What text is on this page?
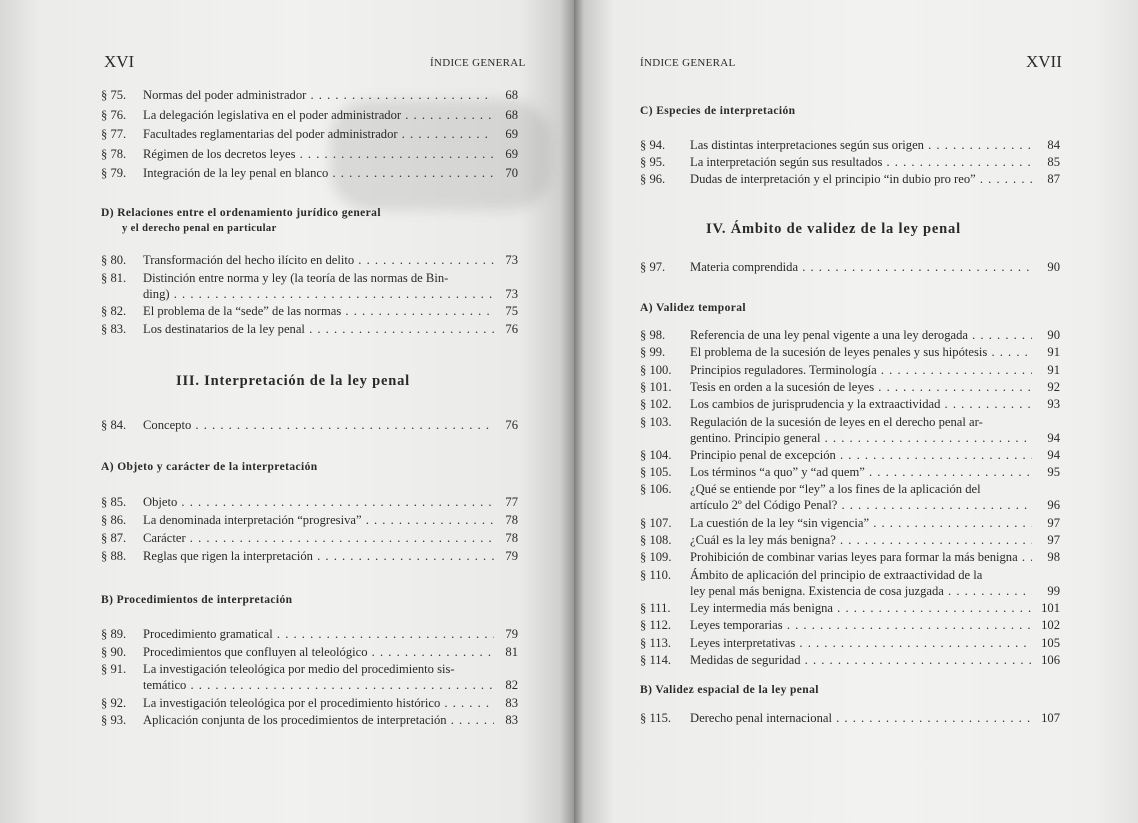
XVI	ÍNDICE GENERAL
§ 75. Normas del poder administrador . . .	68
§ 76. La delegación legislativa en el poder administrador . . .	68
§ 77. Facultades reglamentarias del poder administrador . . .	69
§ 78. Régimen de los decretos leyes . . .	69
§ 79. Integración de la ley penal en blanco . . .	70
D) Relaciones entre el ordenamiento jurídico general
y el derecho penal en particular
§ 80. Transformación del hecho ilícito en delito . . .	73
§ 81. Distinción entre norma y ley (la teoría de las normas de Bin-
ding) . . .	73
§ 82. El problema de la “sede” de las normas . . .	75
§ 83. Los destinatarios de la ley penal . . .	76
III. Interpretación de la ley penal
§ 84. Concepto . . .	76
A) Objeto y carácter de la interpretación
§ 85. Objeto . . .	77
§ 86. La denominada interpretación “progresiva” . . .	78
§ 87. Carácter . . .	78
§ 88. Reglas que rigen la interpretación . . .	79
B) Procedimientos de interpretación
§ 89. Procedimiento gramatical . . .	79
§ 90. Procedimientos que confluyen al teleológico . . .	81
§ 91. La investigación teleológica por medio del procedimiento sis-
temático . . .	82
§ 92. La investigación teleológica por el procedimiento histórico . . .	83
§ 93. Aplicación conjunta de los procedimientos de interpretación . . .	83
ÍNDICE GENERAL	XVII
C) Especies de interpretación
§ 94. Las distintas interpretaciones según sus origen . . .	84
§ 95. La interpretación según sus resultados . . .	85
§ 96. Dudas de interpretación y el principio “in dubio pro reo” . . .	87
IV. Ámbito de validez de la ley penal
§ 97. Materia comprendida . . .	90
A) Validez temporal
§ 98. Referencia de una ley penal vigente a una ley derogada . . .	90
§ 99. El problema de la sucesión de leyes penales y sus hipótesis . . .	91
§ 100. Principios reguladores. Terminología . . .	91
§ 101. Tesis en orden a la sucesión de leyes . . .	92
§ 102. Los cambios de jurisprudencia y la extraactividad . . .	93
§ 103. Regulación de la sucesión de leyes en el derecho penal ar-
gentino. Principio general . . .	94
§ 104. Principio penal de excepción . . .	94
§ 105. Los términos “a quo” y “ad quem” . . .	95
§ 106. ¿Qué se entiende por “ley” a los fines de la aplicación del
artículo 2º del Código Penal? . . .	96
§ 107. La cuestión de la ley “sin vigencia” . . .	97
§ 108. ¿Cuál es la ley más benigna? . . .	97
§ 109. Prohibición de combinar varias leyes para formar la más benigna . . .	98
§ 110. Ámbito de aplicación del principio de extraactividad de la
ley penal más benigna. Existencia de cosa juzgada . . .	99
§ 111. Ley intermedia más benigna . . .	101
§ 112. Leyes temporarias . . .	102
§ 113. Leyes interpretativas . . .	105
§ 114. Medidas de seguridad . . .	106
B) Validez espacial de la ley penal
§ 115. Derecho penal internacional . . .	107
